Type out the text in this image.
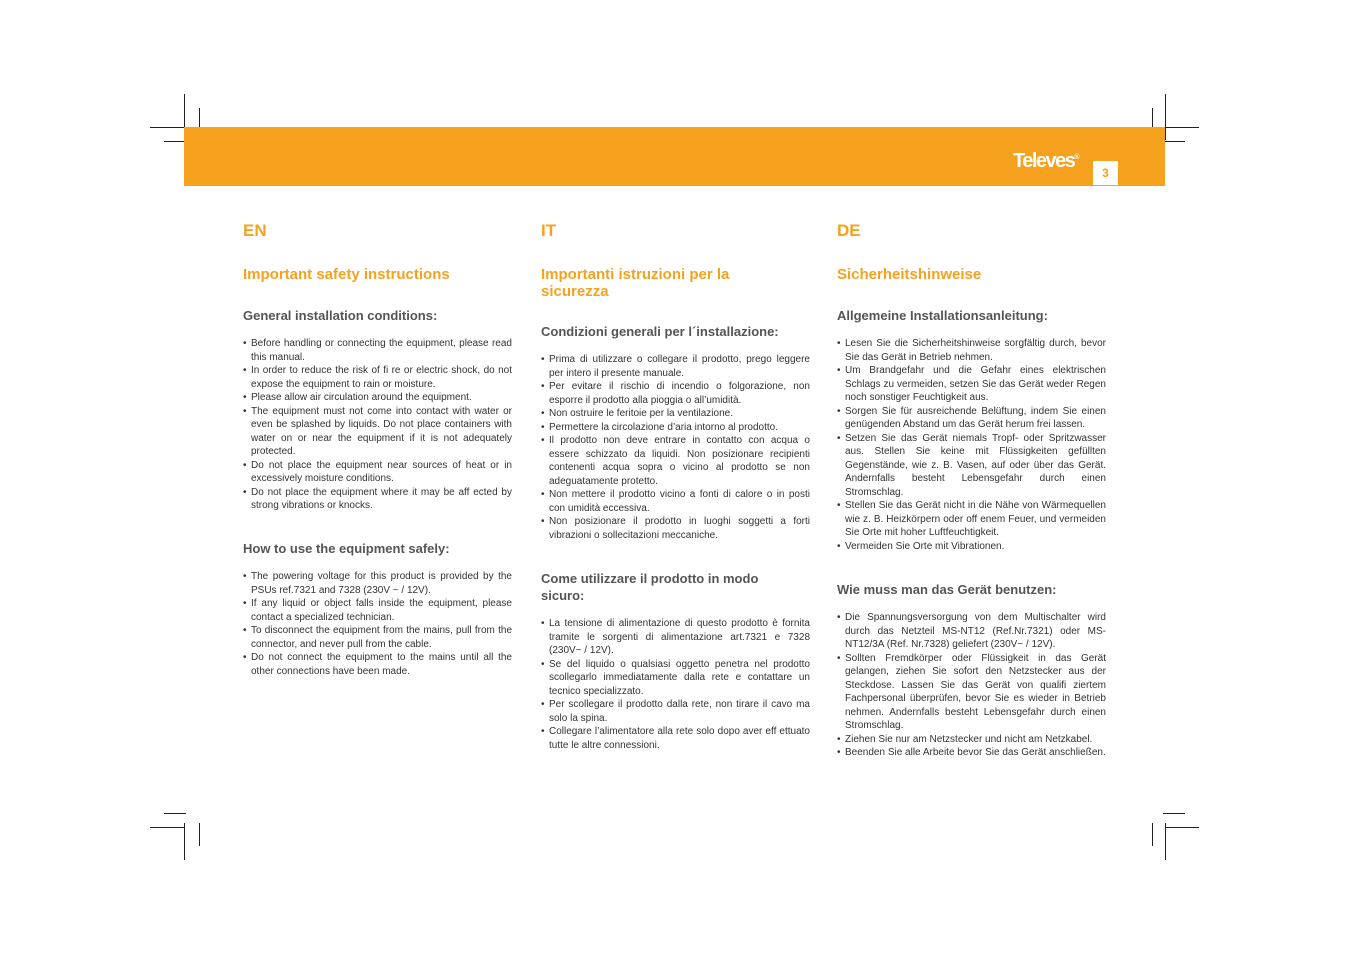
Televes®
3
EN
Important safety instructions
General installation conditions:
• Before handling or connecting the equipment, please read this manual.
• In order to reduce the risk of fi re or electric shock, do not expose the equipment to rain or moisture.
• Please allow air circulation around the equipment.
• The equipment must not come into contact with water or even be splashed by liquids. Do not place containers with water on or near the equipment if it is not adequately protected.
• Do not place the equipment near sources of heat or in excessively moisture conditions.
• Do not place the equipment where it may be aff ected by strong vibrations or knocks.
How to use the equipment safely:
• The powering voltage for this product is provided by the PSUs ref.7321 and 7328 (230V ~ / 12V).
• If any liquid or object falls inside the equipment, please contact a specialized technician.
• To disconnect the equipment from the mains, pull from the connector, and never pull from the cable.
• Do not connect the equipment to the mains until all the other connections have been made.
IT
Importanti istruzioni per la sicurezza
Condizioni generali per l´installazione:
• Prima di utilizzare o collegare il prodotto, prego leggere per intero il presente manuale.
• Per evitare il rischio di incendio o folgorazione, non esporre il prodotto alla pioggia o all’umidità.
• Non ostruire le feritoie per la ventilazione.
• Permettere la circolazione d’aria intorno al prodotto.
• Il prodotto non deve entrare in contatto con acqua o essere schizzato da liquidi. Non posizionare recipienti contenenti acqua sopra o vicino al prodotto se non adeguatamente protetto.
• Non mettere il prodotto vicino a fonti di calore o in posti con umidità eccessiva.
• Non posizionare il prodotto in luoghi soggetti a forti vibrazioni o sollecitazioni meccaniche.
Come utilizzare il prodotto in modo sicuro:
• La tensione di alimentazione di questo prodotto è fornita tramite le sorgenti di alimentazione art.7321 e 7328 (230V~ / 12V).
• Se del liquido o qualsiasi oggetto penetra nel prodotto scollegarlo immediatamente dalla rete e contattare un tecnico specializzato.
• Per scollegare il prodotto dalla rete, non tirare il cavo ma solo la spina.
• Collegare l’alimentatore alla rete solo dopo aver eff ettuato tutte le altre connessioni.
DE
Sicherheitshinweise
Allgemeine Installationsanleitung:
• Lesen Sie die Sicherheitshinweise sorgfältig durch, bevor Sie das Gerät in Betrieb nehmen.
• Um Brandgefahr und die Gefahr eines elektrischen Schlags zu vermeiden, setzen Sie das Gerät weder Regen noch sonstiger Feuchtigkeit aus.
• Sorgen Sie für ausreichende Belüftung, indem Sie einen genügenden Abstand um das Gerät herum frei lassen.
• Setzen Sie das Gerät niemals Tropf- oder Spritzwasser aus. Stellen Sie keine mit Flüssigkeiten gefüllten Gegenstände, wie z. B. Vasen, auf oder über das Gerät. Andernfalls besteht Lebensgefahr durch einen Stromschlag.
• Stellen Sie das Gerät nicht in die Nähe von Wärmequellen wie z. B. Heizkörpern oder off enem Feuer, und vermeiden Sie Orte mit hoher Luftfeuchtigkeit.
• Vermeiden Sie Orte mit Vibrationen.
Wie muss man das Gerät benutzen:
• Die Spannungsversorgung von dem Multischalter wird durch das Netzteil MS-NT12 (Ref.Nr.7321) oder MS-NT12/3A (Ref. Nr.7328) geliefert (230V~ / 12V).
• Sollten Fremdkörper oder Flüssigkeit in das Gerät gelangen, ziehen Sie sofort den Netzstecker aus der Steckdose. Lassen Sie das Gerät von qualifi ziertem Fachpersonal überprüfen, bevor Sie es wieder in Betrieb nehmen. Andernfalls besteht Lebensgefahr durch einen Stromschlag.
• Ziehen Sie nur am Netzstecker und nicht am Netzkabel.
• Beenden Sie alle Arbeite bevor Sie das Gerät anschließen.
